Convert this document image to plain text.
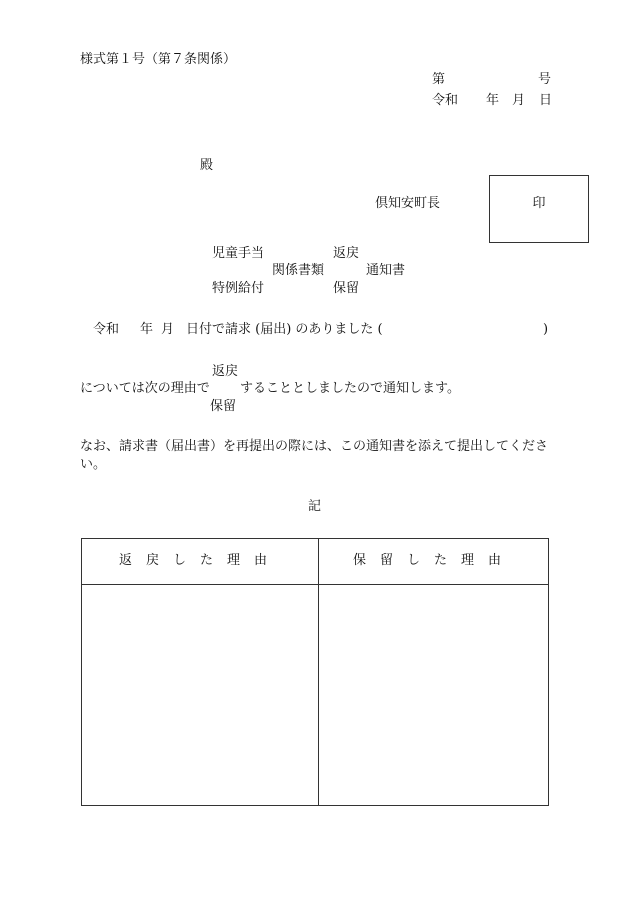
様式第１号（第７条関係）
第	号
令和 年 月 日
殿
倶知安町長	印
児童手当	返戻
関係書類	通知書
特例給付	保留
令和 年 月 日付で請求 (届出) のありました (	)
返戻
については次の理由で することとしましたので通知します。
保留
なお、請求書（届出書）を再提出の際には、この通知書を添えて提出してください。
記
返戻した理由	保留した理由
